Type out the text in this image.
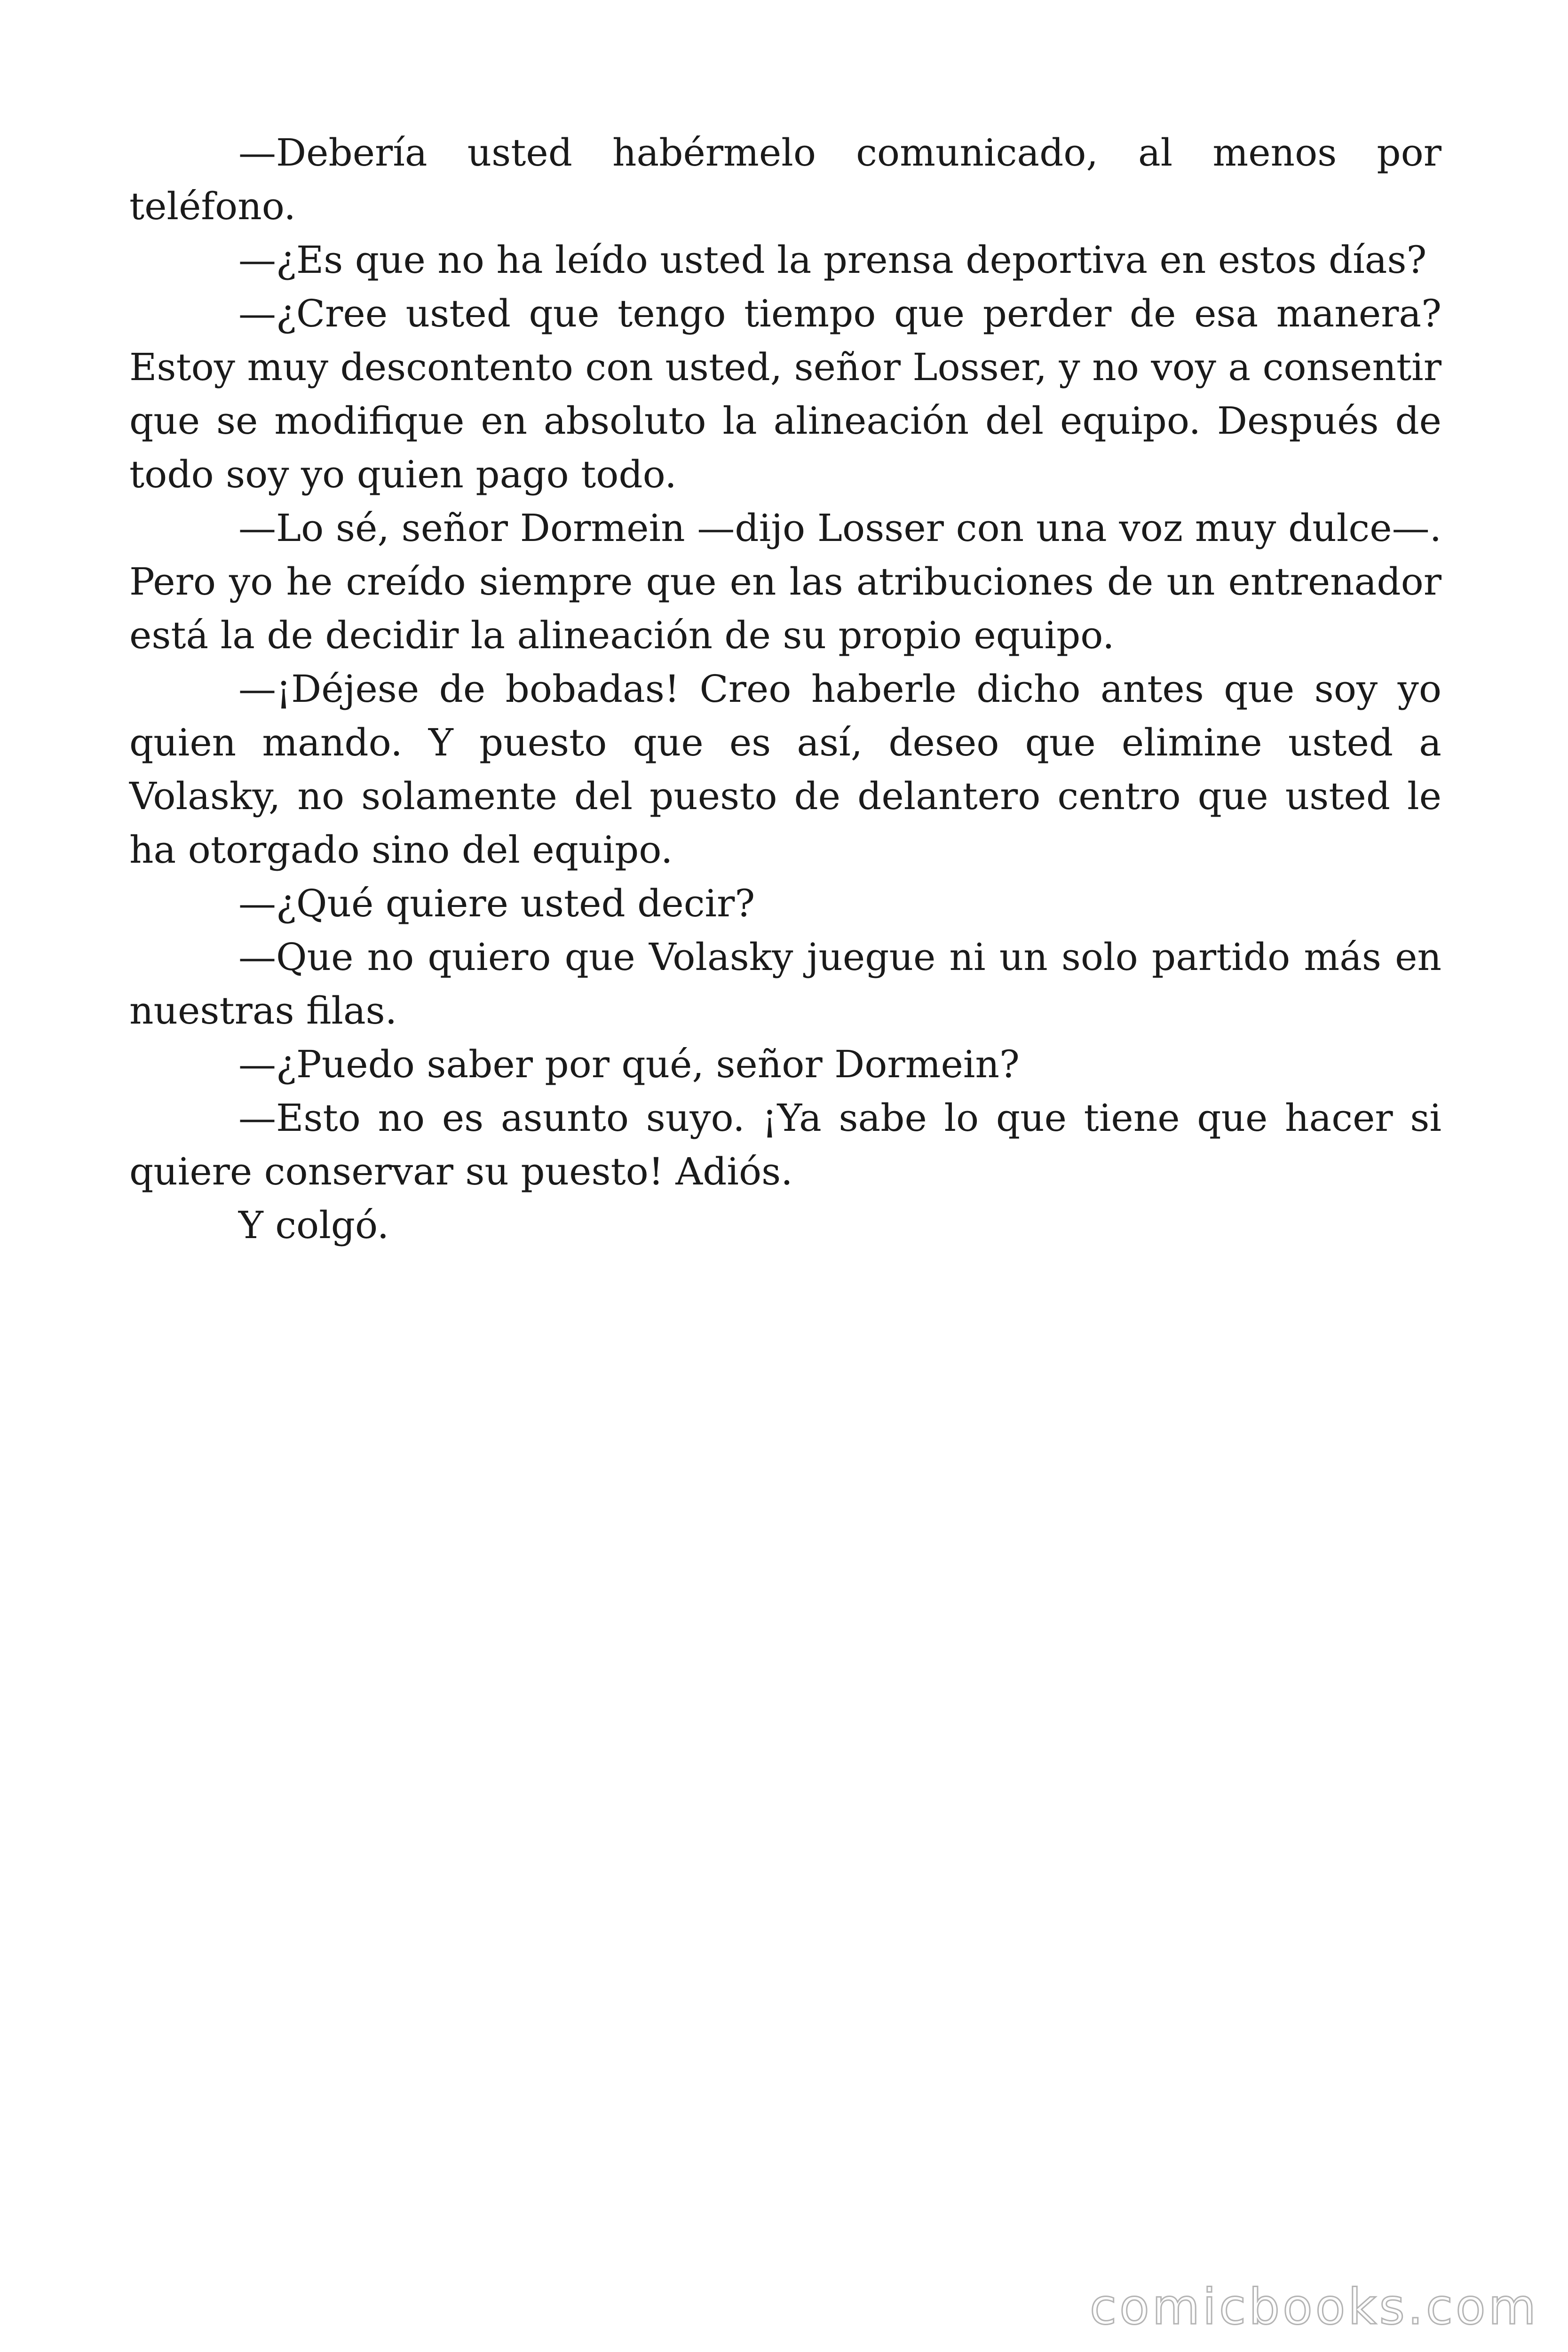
—Debería usted habérmelo comunicado, al menos por teléfono.

—¿Es que no ha leído usted la prensa deportiva en estos días?

—¿Cree usted que tengo tiempo que perder de esa manera? Estoy muy descontento con usted, señor Losser, y no voy a consentir que se modifique en absoluto la alineación del equipo. Después de todo soy yo quien pago todo.

—Lo sé, señor Dormein —dijo Losser con una voz muy dulce—. Pero yo he creído siempre que en las atribuciones de un entrenador está la de decidir la alineación de su propio equipo.

—¡Déjese de bobadas! Creo haberle dicho antes que soy yo quien mando. Y puesto que es así, deseo que elimine usted a Volasky, no solamente del puesto de delantero centro que usted le ha otorgado sino del equipo.

—¿Qué quiere usted decir?

—Que no quiero que Volasky juegue ni un solo partido más en nuestras filas.

—¿Puedo saber por qué, señor Dormein?

—Esto no es asunto suyo. ¡Ya sabe lo que tiene que hacer si quiere conservar su puesto! Adiós.

Y colgó.

comicbooks.com
